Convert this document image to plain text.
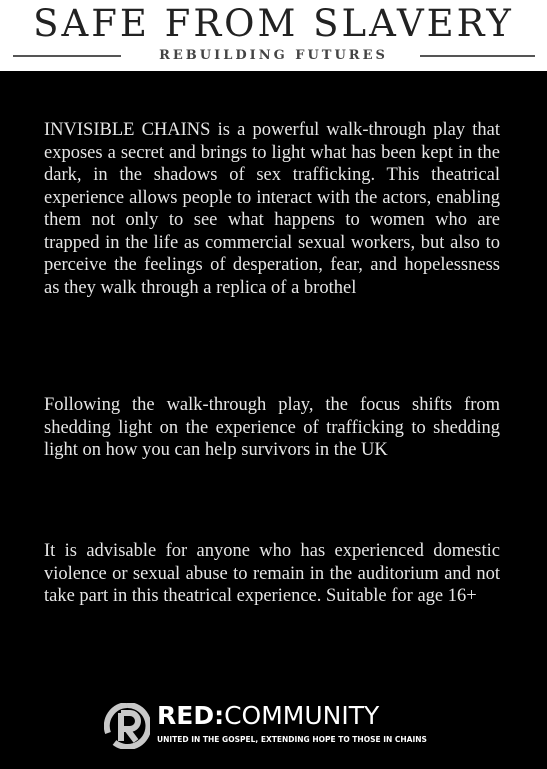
SAFE FROM SLAVERY
REBUILDING FUTURES

INVISIBLE CHAINS is a powerful walk-through play that exposes a secret and brings to light what has been kept in the dark, in the shadows of sex trafficking. This theatrical experience allows people to interact with the actors, enabling them not only to see what happens to women who are trapped in the life as commercial sexual workers, but also to perceive the feelings of desperation, fear, and hopelessness as they walk through a replica of a brothel

Following the walk-through play, the focus shifts from shedding light on the experience of trafficking to shedding light on how you can help survivors in the UK

It is advisable for anyone who has experienced domestic violence or sexual abuse to remain in the auditorium and not take part in this theatrical experience. Suitable for age 16+

RED:COMMUNITY
UNITED IN THE GOSPEL, EXTENDING HOPE TO THOSE IN CHAINS
